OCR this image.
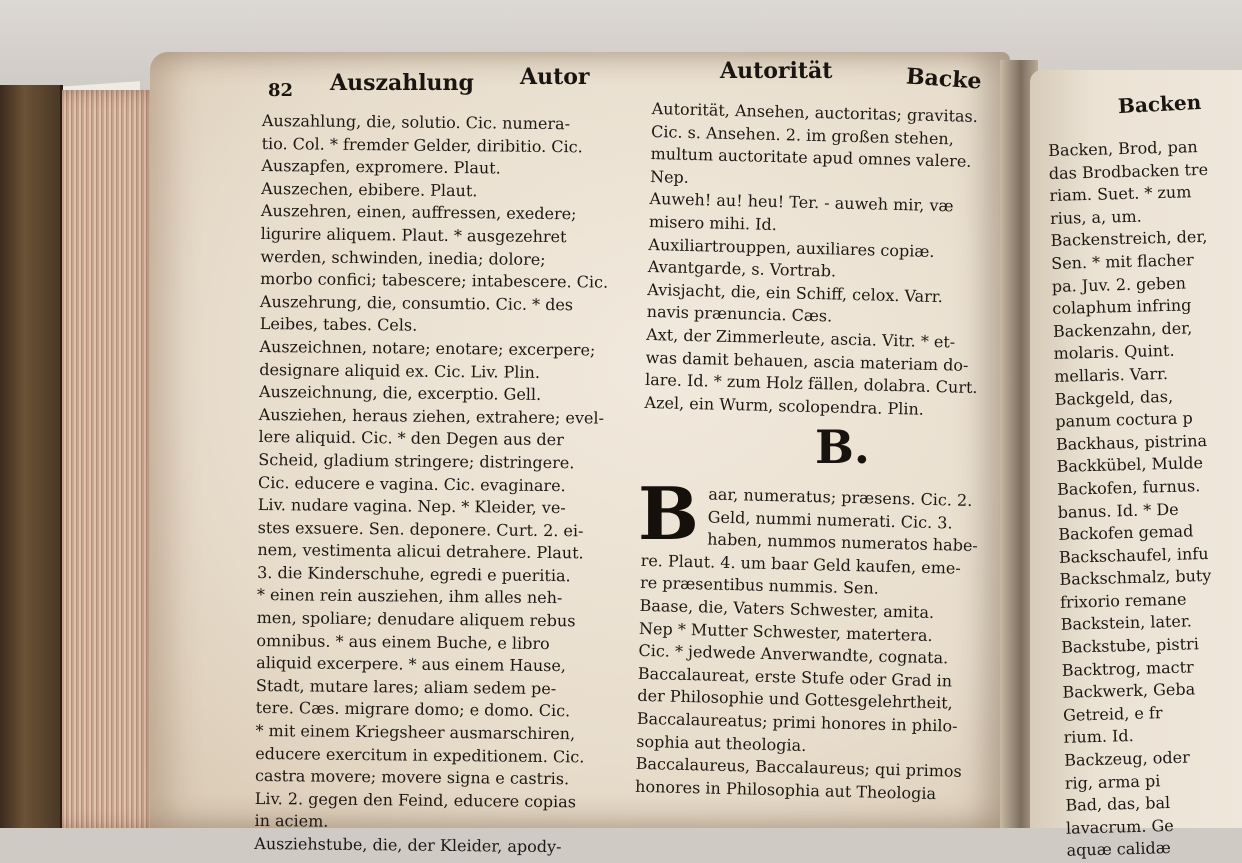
82 Auszahlung Autor	Autorität	Backe
Backen
Auszahlung, die, solutio. Cic. numera-
tio. Col. * fremder Gelder, diribitio. Cic.
Auszapfen, expromere. Plaut.
Auszechen, ebibere. Plaut.
Auszehren, einen, auffressen, exedere;
ligurire aliquem. Plaut. * ausgezehret
werden, schwinden, inedia; dolore;
morbo confici; tabescere; intabescere. Cic.
Auszehrung, die, consumtio. Cic. * des
Leibes, tabes. Cels.
Auszeichnen, notare; enotare; excerpere;
designare aliquid ex. Cic. Liv. Plin.
Auszeichnung, die, excerptio. Gell.
Ausziehen, heraus ziehen, extrahere; evel-
lere aliquid. Cic. * den Degen aus der
Scheid, gladium stringere; distringere.
Cic. educere e vagina. Cic. evaginare.
Liv. nudare vagina. Nep. * Kleider, ve-
stes exsuere. Sen. deponere. Curt. 2. ei-
nem, vestimenta alicui detrahere. Plaut.
3. die Kinderschuhe, egredi e pueritia.
* einen rein ausziehen, ihm alles neh-
men, spoliare; denudare aliquem rebus
omnibus. * aus einem Buche, e libro
aliquid excerpere. * aus einem Hause,
Stadt, mutare lares; aliam sedem pe-
tere. Cæs. migrare domo; e domo. Cic.
* mit einem Kriegsheer ausmarschiren,
educere exercitum in expeditionem. Cic.
castra movere; movere signa e castris.
Liv. 2. gegen den Feind, educere copias
in aciem.
Ausziehstube, die, der Kleider, apody-
Autorität, Ansehen, auctoritas; gravitas.
Cic. s. Ansehen. 2. im großen stehen,
multum auctoritate apud omnes valere.
Nep.
Auweh! au! heu! Ter. - auweh mir, væ
misero mihi. Id.
Auxiliartrouppen, auxiliares copiæ.
Avantgarde, s. Vortrab.
Avisjacht, die, ein Schiff, celox. Varr.
navis prænuncia. Cæs.
Axt, der Zimmerleute, ascia. Vitr. * et-
was damit behauen, ascia materiam do-
lare. Id. * zum Holz fällen, dolabra. Curt.
Azel, ein Wurm, scolopendra. Plin.

aar, numeratus; præsens. Cic. 2.
Geld, nummi numerati. Cic. 3.
haben, nummos numeratos habe-
re. Plaut. 4. um baar Geld kaufen, eme-
re præsentibus nummis. Sen.
Baase, die, Vaters Schwester, amita.
Nep * Mutter Schwester, matertera.
Cic. * jedwede Anverwandte, cognata.
Baccalaureat, erste Stufe oder Grad in
der Philosophie und Gottesgelehrtheit,
Baccalaureatus; primi honores in philo-
sophia aut theologia.
Baccalaureus, Baccalaureus; qui primos
honores in Philosophia aut Theologia
Backen, Brod, pan
das Brodbacken tre
riam. Suet. * zum
rius, a, um.
Backenstreich, der,
Sen. * mit flacher
pa. Juv. 2. geben
colaphum infring
Backenzahn, der,
molaris. Quint.
mellaris. Varr.
Backgeld, das,
panum coctura p
Backhaus, pistrina
Backkübel, Mulde
Backofen, furnus.
banus. Id. * De
Backofen gemad
Backschaufel, infu
Backschmalz, buty
frixorio remane
Backstein, later.
Backstube, pistri
Backtrog, mactr
Backwerk, Geba
Getreid, e fr
rium. Id.
Backzeug, oder
rig, arma pi
Bad, das, bal
lavacrum. Ge
aquæ calidæ
B.
B
